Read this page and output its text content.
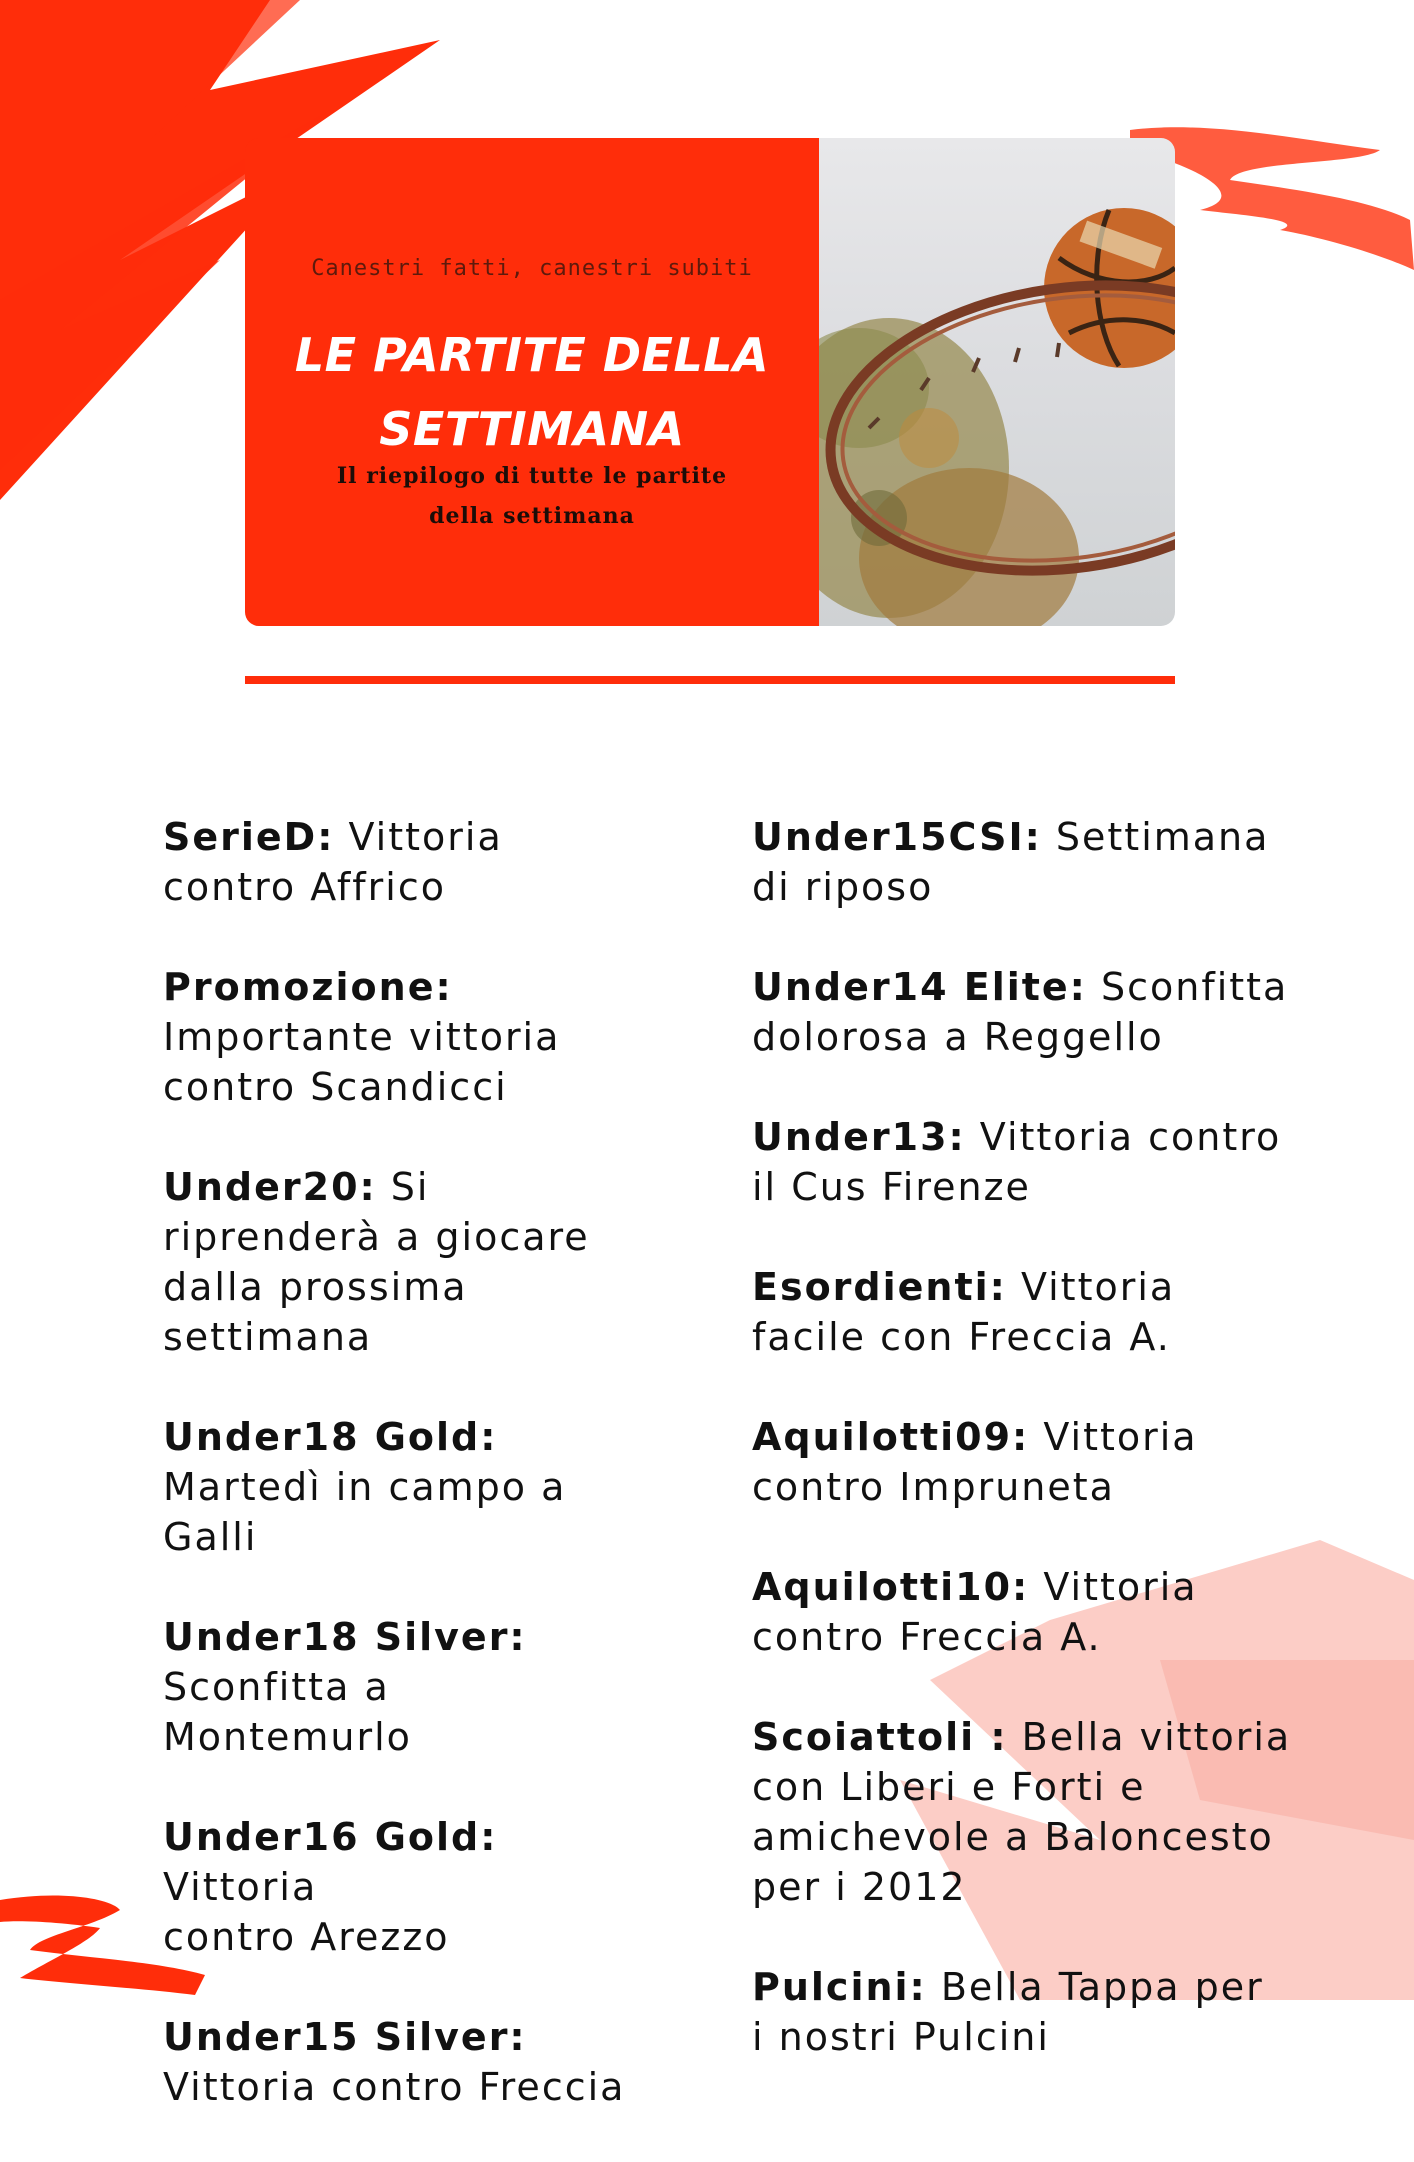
Canestri fatti, canestri subiti
LE PARTITE DELLA
SETTIMANA
Il riepilogo di tutte le partite
della settimana

SerieD: Vittoria
contro Affrico

Promozione:
Importante vittoria
contro Scandicci

Under20: Si
riprenderà a giocare
dalla prossima
settimana

Under18 Gold:
Martedì in campo a
Galli

Under18 Silver:
Sconfitta a
Montemurlo

Under16 Gold: Vittoria
contro Arezzo

Under15 Silver:
Vittoria contro Freccia

Under15CSI: Settimana
di riposo

Under14 Elite: Sconfitta
dolorosa a Reggello

Under13: Vittoria contro
il Cus Firenze

Esordienti: Vittoria
facile con Freccia A.

Aquilotti09: Vittoria
contro Impruneta

Aquilotti10: Vittoria
contro Freccia A.

Scoiattoli : Bella vittoria
con Liberi e Forti e
amichevole a Baloncesto
per i 2012

Pulcini: Bella Tappa per
i nostri Pulcini
